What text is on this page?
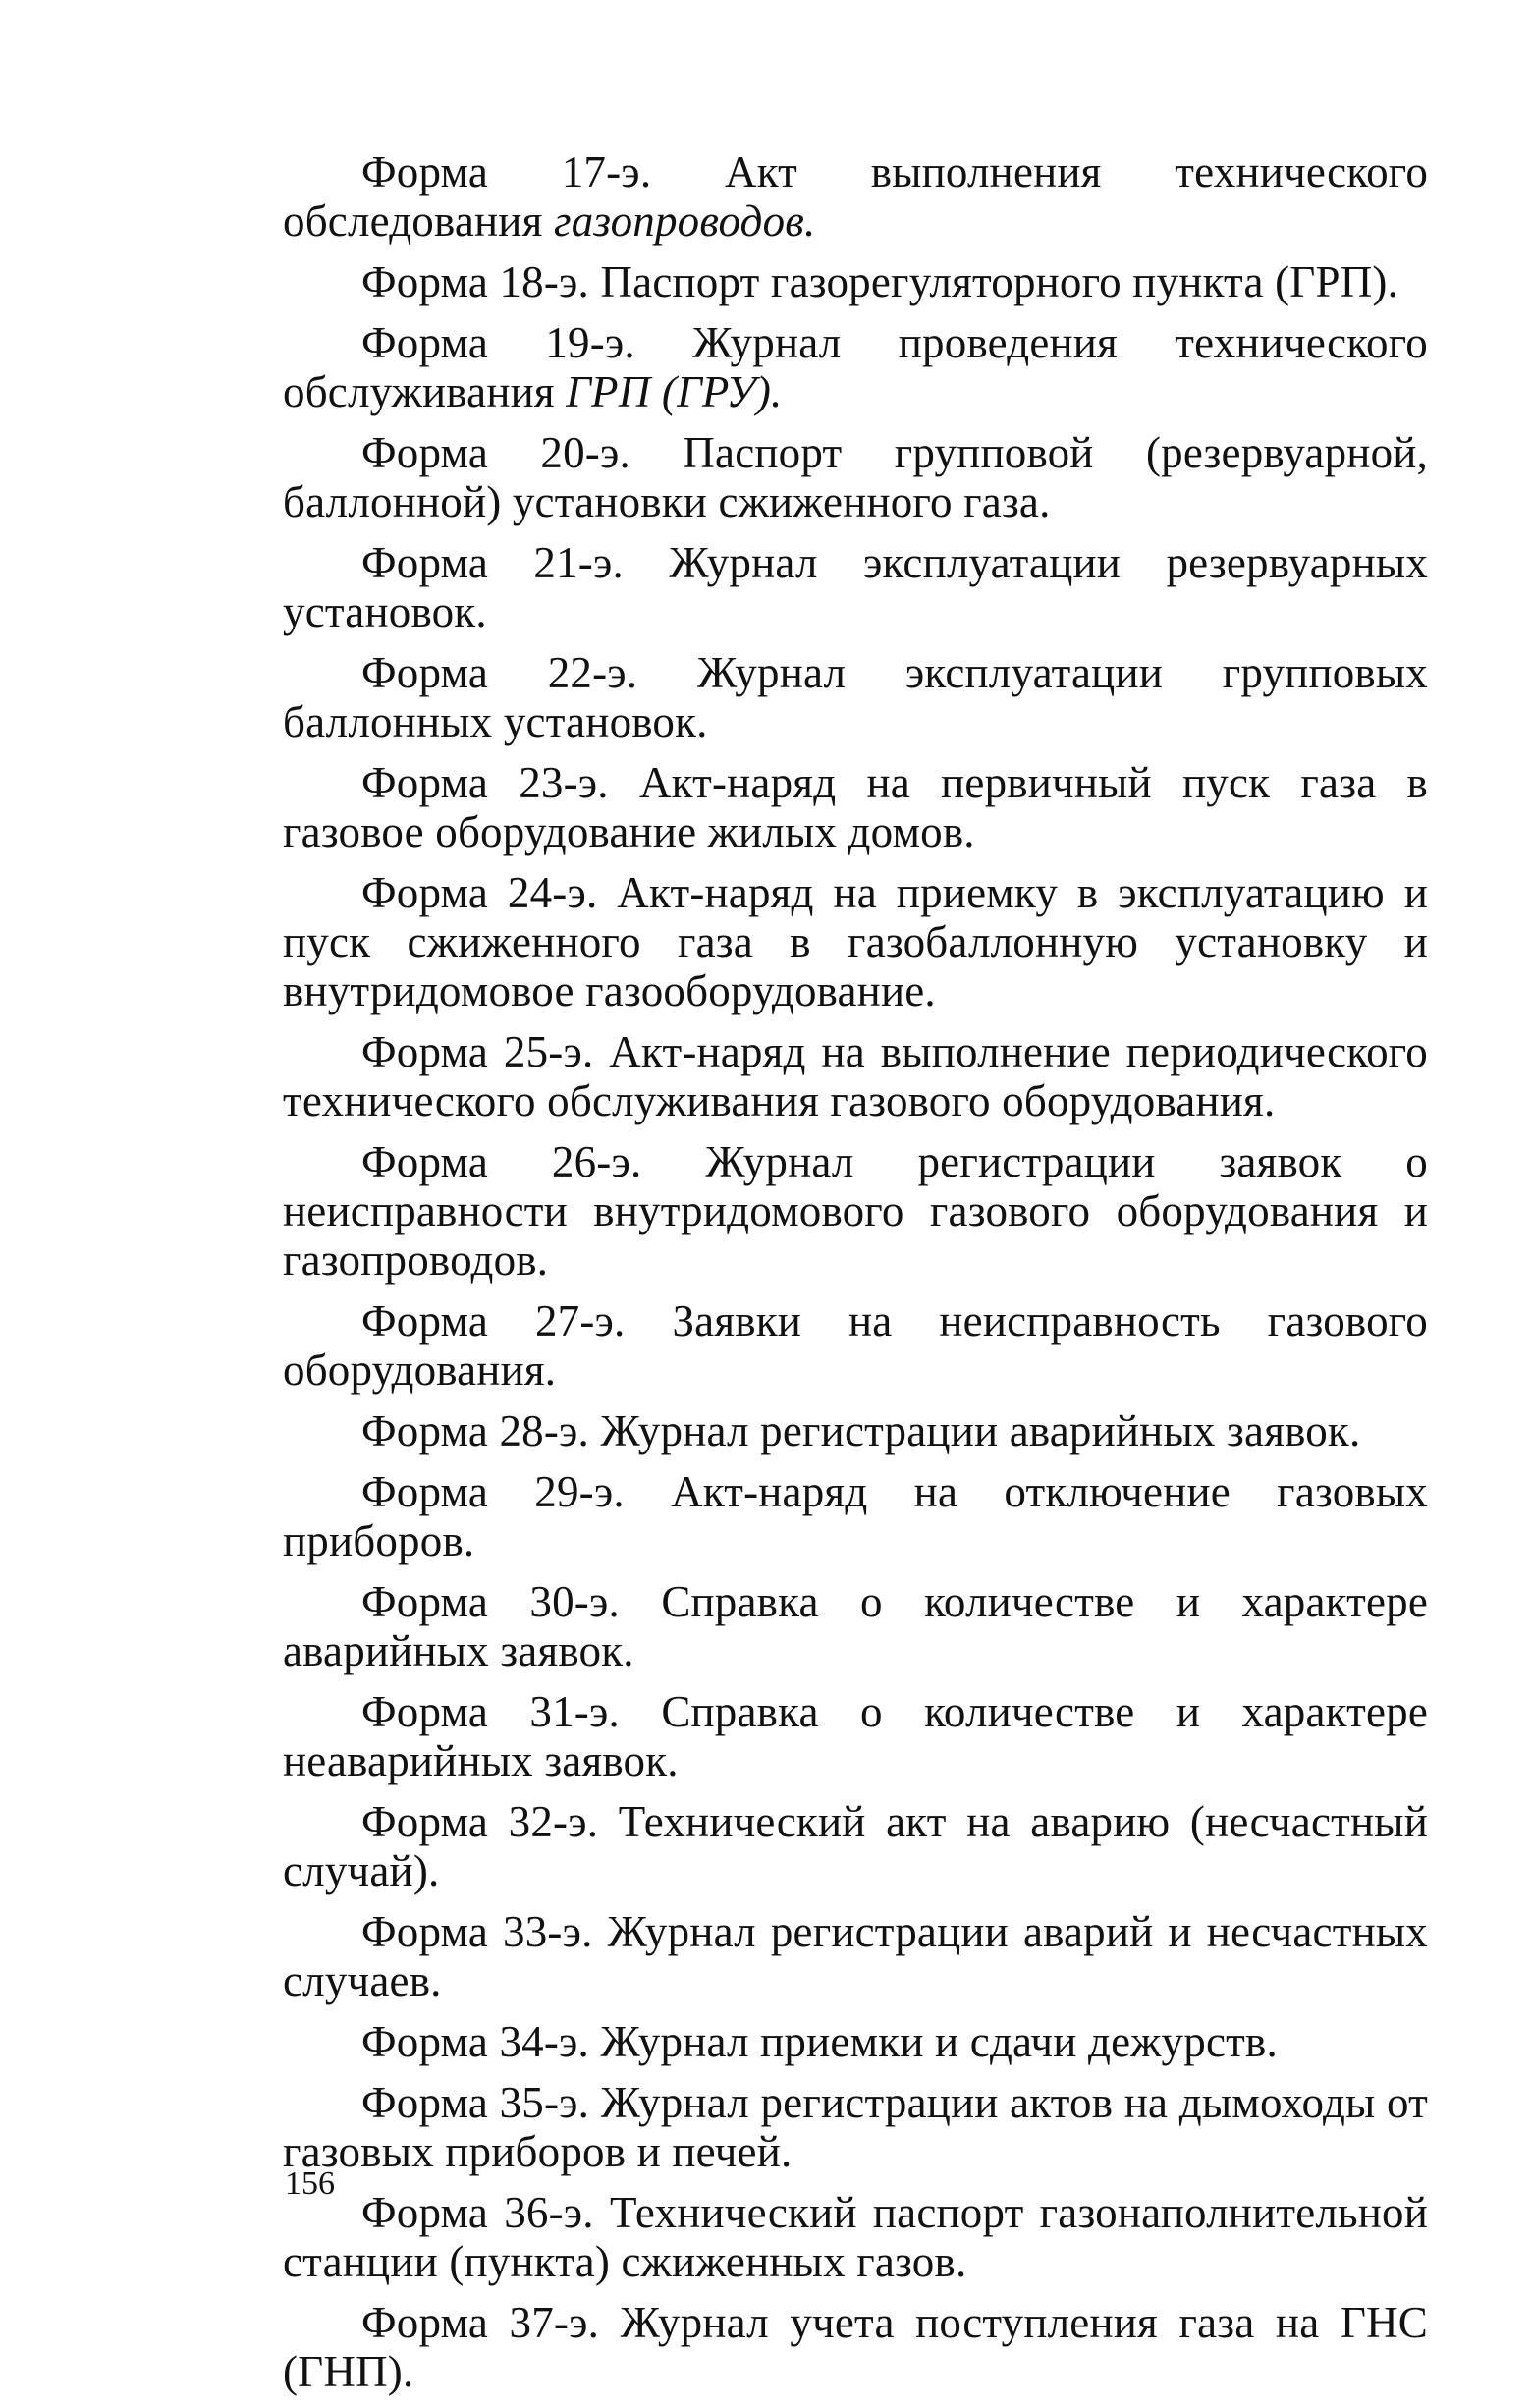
Форма 17-э. Акт выполнения технического обследования газопроводов.

Форма 18-э. Паспорт газорегуляторного пункта (ГРП).

Форма 19-э. Журнал проведения технического обслуживания ГРП (ГРУ).

Форма 20-э. Паспорт групповой (резервуарной, баллонной) установки сжиженного газа.

Форма 21-э. Журнал эксплуатации резервуарных установок.

Форма 22-э. Журнал эксплуатации групповых баллонных установок.

Форма 23-э. Акт-наряд на первичный пуск газа в газовое оборудование жилых домов.

Форма 24-э. Акт-наряд на приемку в эксплуатацию и пуск сжиженного газа в газобаллонную установку и внутридомовое газооборудование.

Форма 25-э. Акт-наряд на выполнение периодического технического обслуживания газового оборудования.

Форма 26-э. Журнал регистрации заявок о неисправности внутридомового газового оборудования и газопроводов.

Форма 27-э. Заявки на неисправность газового оборудования.

Форма 28-э. Журнал регистрации аварийных заявок.

Форма 29-э. Акт-наряд на отключение газовых приборов.

Форма 30-э. Справка о количестве и характере аварийных заявок.

Форма 31-э. Справка о количестве и характере неаварийных заявок.

Форма 32-э. Технический акт на аварию (несчастный случай).

Форма 33-э. Журнал регистрации аварий и несчастных случаев.

Форма 34-э. Журнал приемки и сдачи дежурств.

Форма 35-э. Журнал регистрации актов на дымоходы от газовых приборов и печей.

Форма 36-э. Технический паспорт газонаполнительной станции (пункта) сжиженных газов.

Форма 37-э. Журнал учета поступления газа на ГНС (ГНП).

156
